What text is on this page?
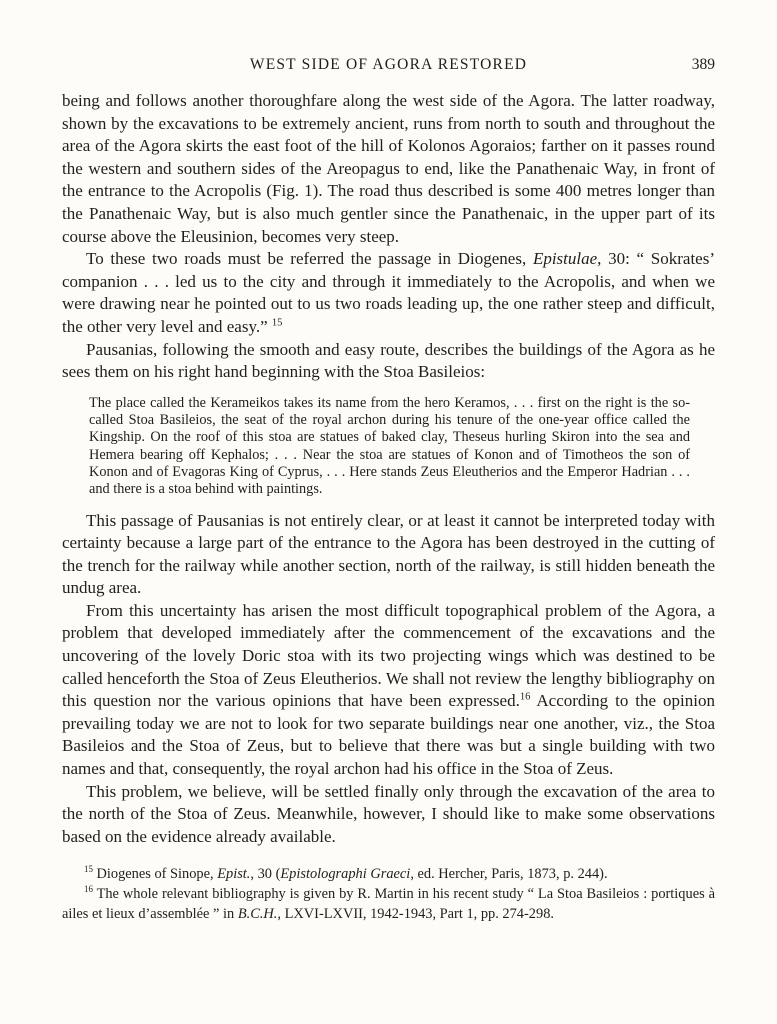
WEST SIDE OF AGORA RESTORED	389

being and follows another thoroughfare along the west side of the Agora. The latter roadway, shown by the excavations to be extremely ancient, runs from north to south and throughout the area of the Agora skirts the east foot of the hill of Kolonos Agoraios; farther on it passes round the western and southern sides of the Areopagus to end, like the Panathenaic Way, in front of the entrance to the Acropolis (Fig. 1). The road thus described is some 400 metres longer than the Panathenaic Way, but is also much gentler since the Panathenaic, in the upper part of its course above the Eleusinion, becomes very steep.

To these two roads must be referred the passage in Diogenes, Epistulae, 30: “ Sokrates’ companion . . . led us to the city and through it immediately to the Acropolis, and when we were drawing near he pointed out to us two roads leading up, the one rather steep and difficult, the other very level and easy.” $^{15}$

Pausanias, following the smooth and easy route, describes the buildings of the Agora as he sees them on his right hand beginning with the Stoa Basileios:

The place called the Kerameikos takes its name from the hero Keramos, . . . first on the right is the so-called Stoa Basileios, the seat of the royal archon during his tenure of the one-year office called the Kingship. On the roof of this stoa are statues of baked clay, Theseus hurling Skiron into the sea and Hemera bearing off Kephalos; . . . Near the stoa are statues of Konon and of Timotheos the son of Konon and of Evagoras King of Cyprus, . . . Here stands Zeus Eleutherios and the Emperor Hadrian . . . and there is a stoa behind with paintings.

This passage of Pausanias is not entirely clear, or at least it cannot be interpreted today with certainty because a large part of the entrance to the Agora has been destroyed in the cutting of the trench for the railway while another section, north of the railway, is still hidden beneath the undug area.

From this uncertainty has arisen the most difficult topographical problem of the Agora, a problem that developed immediately after the commencement of the excavations and the uncovering of the lovely Doric stoa with its two projecting wings which was destined to be called henceforth the Stoa of Zeus Eleutherios. We shall not review the lengthy bibliography on this question nor the various opinions that have been expressed.$^{16}$ According to the opinion prevailing today we are not to look for two separate buildings near one another, viz., the Stoa Basileios and the Stoa of Zeus, but to believe that there was but a single building with two names and that, consequently, the royal archon had his office in the Stoa of Zeus.

This problem, we believe, will be settled finally only through the excavation of the area to the north of the Stoa of Zeus. Meanwhile, however, I should like to make some observations based on the evidence already available.

$^{15}$ Diogenes of Sinope, Epist., 30 (Epistolographi Graeci, ed. Hercher, Paris, 1873, p. 244).

$^{16}$ The whole relevant bibliography is given by R. Martin in his recent study “ La Stoa Basileios : portiques à ailes et lieux d’assemblée ” in B.C.H., LXVI-LXVII, 1942-1943, Part 1, pp. 274-298.
